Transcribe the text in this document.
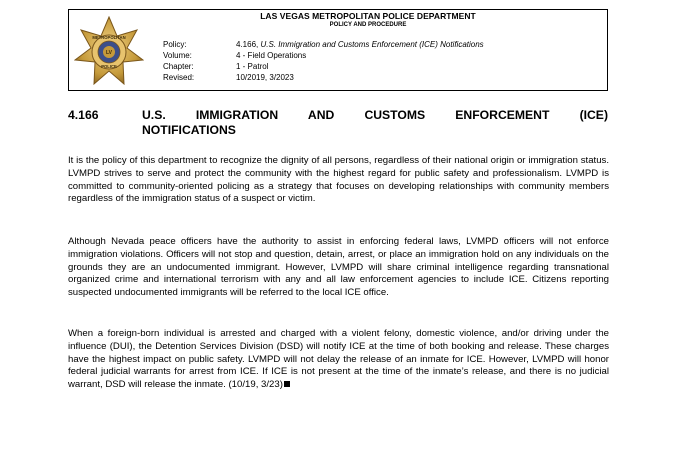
METROPOLITAN
POLICE
LV
LAS VEGAS METROPOLITAN POLICE DEPARTMENT
POLICY AND PROCEDURE
Policy:	4.166, U.S. Immigration and Customs Enforcement (ICE) Notifications
Volume:	4 - Field Operations
Chapter:	1 - Patrol
Revised:	10/2019, 3/2023
4.166	U.S. IMMIGRATION AND CUSTOMS ENFORCEMENT (ICE)
NOTIFICATIONS
It is the policy of this department to recognize the dignity of all persons, regardless of their national origin or immigration status. LVMPD strives to serve and protect the community with the highest regard for public safety and professionalism. LVMPD is committed to community-oriented policing as a strategy that focuses on developing relationships with community members regardless of the immigration status of a suspect or victim.
Although Nevada peace officers have the authority to assist in enforcing federal laws, LVMPD officers will not enforce immigration violations. Officers will not stop and question, detain, arrest, or place an immigration hold on any individuals on the grounds they are an undocumented immigrant. However, LVMPD will share criminal intelligence regarding transnational organized crime and international terrorism with any and all law enforcement agencies to include ICE. Citizens reporting suspected undocumented immigrants will be referred to the local ICE office.
When a foreign-born individual is arrested and charged with a violent felony, domestic violence, and/or driving under the influence (DUI), the Detention Services Division (DSD) will notify ICE at the time of both booking and release. These charges have the highest impact on public safety. LVMPD will not delay the release of an inmate for ICE. However, LVMPD will honor federal judicial warrants for arrest from ICE. If ICE is not present at the time of the inmate’s release, and there is no judicial warrant, DSD will release the inmate. (10/19, 3/23)
